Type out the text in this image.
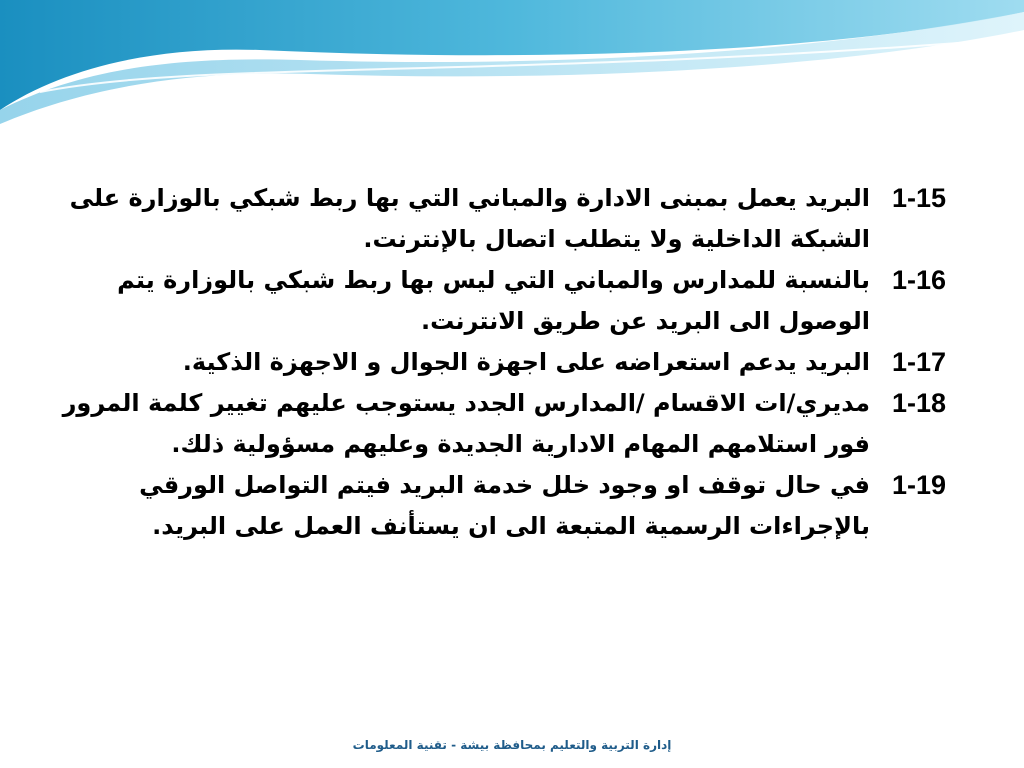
1-15
البريد يعمل بمبنى الادارة والمباني التي بها ربط شبكي بالوزارة على الشبكة الداخلية ولا يتطلب اتصال بالإنترنت.
1-16
بالنسبة للمدارس والمباني التي ليس بها ربط شبكي بالوزارة يتم الوصول الى البريد عن طريق الانترنت.
1-17
البريد يدعم استعراضه على اجهزة الجوال و الاجهزة الذكية.
1-18
مديري/ات الاقسام /المدارس الجدد يستوجب عليهم تغيير كلمة المرور فور استلامهم المهام الادارية الجديدة وعليهم مسؤولية ذلك.
1-19
في حال توقف او وجود خلل خدمة البريد فيتم التواصل الورقي بالإجراءات الرسمية المتبعة الى ان يستأنف العمل على البريد.
إدارة التربية والتعليم بمحافظة بيشة - تقنية المعلومات
